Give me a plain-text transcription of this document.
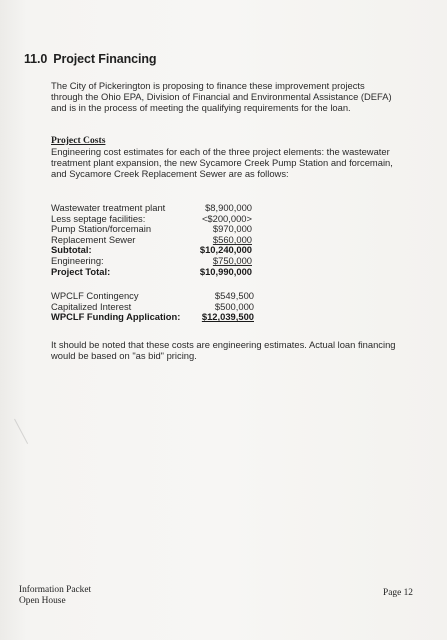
11.0 Project Financing
The City of Pickerington is proposing to finance these improvement projects through the Ohio EPA, Division of Financial and Environmental Assistance (DEFA) and is in the process of meeting the qualifying requirements for the loan.
Project Costs
Engineering cost estimates for each of the three project elements: the wastewater treatment plant expansion, the new Sycamore Creek Pump Station and forcemain, and Sycamore Creek Replacement Sewer are as follows:
Wastewater treatment plant	$8,900,000
Less septage facilities:	<$200,000>
Pump Station/forcemain	$970,000
Replacement Sewer	$560,000
Subtotal:	$10,240,000
Engineering:	$750,000
Project Total:	$10,990,000
WPCLF Contingency	$549,500
Capitalized Interest	$500,000
WPCLF Funding Application: $12,039,500
It should be noted that these costs are engineering estimates. Actual loan financing would be based on "as bid" pricing.
Information Packet
Open House
Page 12
